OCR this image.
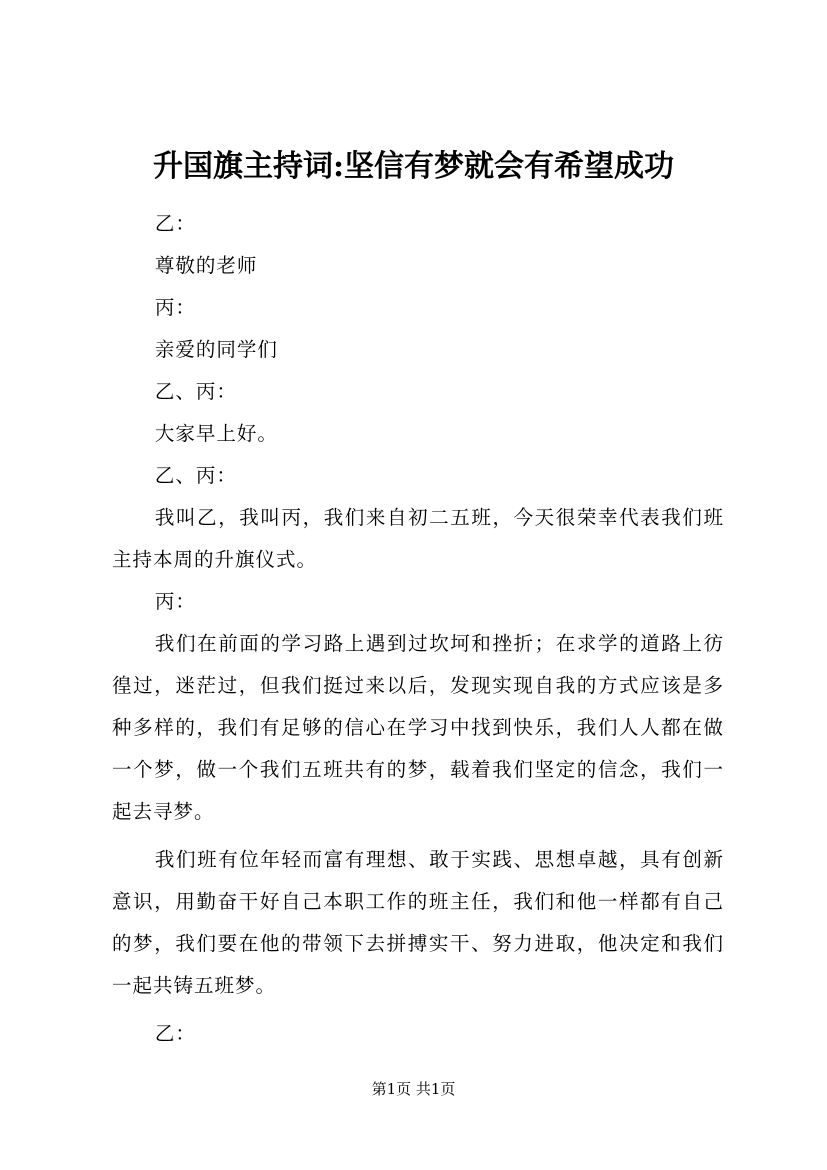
升国旗主持词:坚信有梦就会有希望成功

乙：

尊敬的老师

丙：

亲爱的同学们

乙、丙：

大家早上好。

乙、丙：

我叫乙，我叫丙，我们来自初二五班，今天很荣幸代表我们班主持本周的升旗仪式。

丙：

我们在前面的学习路上遇到过坎坷和挫折；在求学的道路上彷徨过，迷茫过，但我们挺过来以后，发现实现自我的方式应该是多种多样的，我们有足够的信心在学习中找到快乐，我们人人都在做一个梦，做一个我们五班共有的梦，载着我们坚定的信念，我们一起去寻梦。

我们班有位年轻而富有理想、敢于实践、思想卓越，具有创新意识，用勤奋干好自己本职工作的班主任，我们和他一样都有自己的梦，我们要在他的带领下去拼搏实干、努力进取，他决定和我们一起共铸五班梦。

乙：

第1页 共1页
